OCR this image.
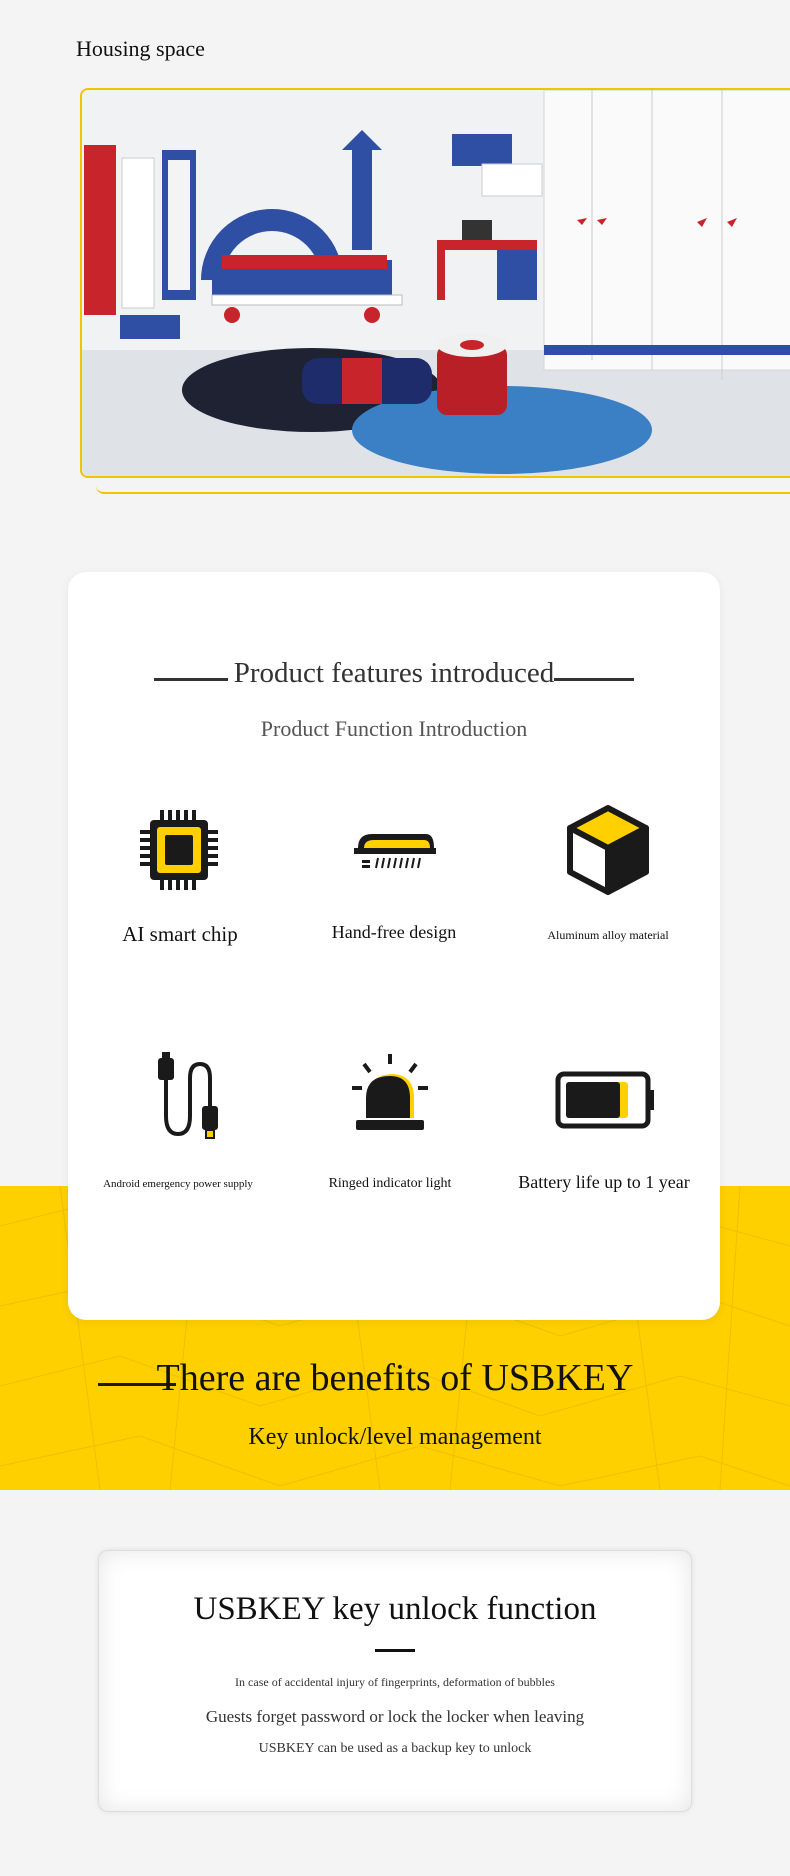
Housing space
Product features introduced
Product Function Introduction
AI smart chip	Hand-free design	Aluminum alloy material
Android emergency power supply	Ringed indicator light	Battery life up to 1 year
There are benefits of USBKEY
Key unlock/level management
USBKEY key unlock function
In case of accidental injury of fingerprints, deformation of bubbles
Guests forget password or lock the locker when leaving
USBKEY can be used as a backup key to unlock
